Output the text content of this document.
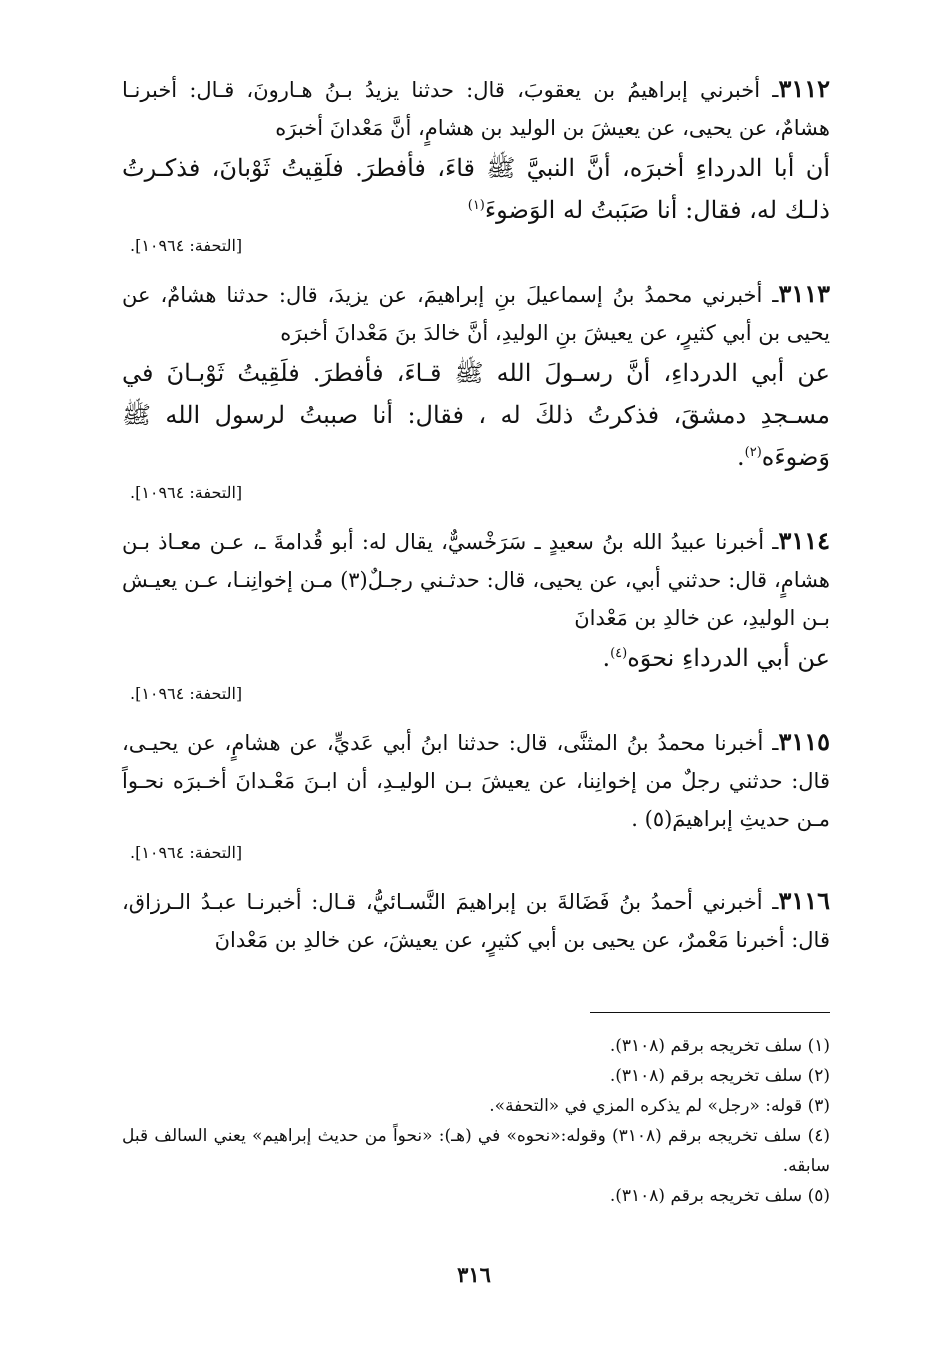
٣١١٢ـ أخبرني إبراهيمُ بن يعقوبَ، قال: حدثنا يزيدُ بـنُ هـارونَ، قـال: أخبرنـا هشامٌ، عن يحيى، عن يعيشَ بن الوليد بن هشامٍ، أنَّ مَعْدانَ أخبرَه

أن أبا الدرداءِ أخبرَه، أنَّ النبيَّ ﷺ قاءَ، فأفطرَ. فلَقِيتُ ثَوْبانَ، فذكـرتُ ذلـك له، فقال: أنا صَبَبتُ له الوَضوءَ$^{(١)}$

[التحفة: ١٠٩٦٤].

٣١١٣ـ أخبرني محمدُ بنُ إسماعيلَ بنِ إبراهيمَ، عن يزيدَ، قال: حدثنا هشامٌ، عن يحيى بن أبي كثيرٍ، عن يعيشَ بنِ الوليدِ، أنَّ خالدَ بنَ مَعْدانَ أخبرَه

عن أبي الدرداءِ، أنَّ رسـولَ الله ﷺ قـاءَ، فأفطرَ. فلَقِيتُ ثَوْبـانَ في مسـجدِ دمشقَ، فذكرتُ ذلكَ له ، فقال: أنا صببتُ لرسول الله ﷺ وَضوءَه$^{(٢)}$.

[التحفة: ١٠٩٦٤].

٣١١٤ـ أخبرنا عبيدُ الله بنُ سعيدٍ ـ سَرَخْسيٌّ، يقال له: أبو قُدامةَ ـ، عـن معـاذ بـن هشامٍ، قال: حدثني أبي، عن يحيى، قال: حدثـني رجـلٌ(٣) مـن إخوانِنـا، عـن يعيـش بـن الوليدِ، عن خالدِ بن مَعْدانَ

عن أبي الدرداءِ نحوَه$^{(٤)}$.

[التحفة: ١٠٩٦٤].

٣١١٥ـ أخبرنا محمدُ بنُ المثنَّى، قال: حدثنا ابنُ أبي عَديٍّ، عن هشامٍ، عن يحيـى، قال: حدثني رجلٌ من إخوانِنا، عن يعيشَ بـن الوليـدِ، أن ابـنَ مَعْـدانَ أخـبرَه نحـواً مـن حديثِ إبراهيمَ(٥) .

[التحفة: ١٠٩٦٤].

٣١١٦ـ أخبرني أحمدُ بنُ فَضَالةَ بن إبراهيمَ النَّسـائيُّ، قـال: أخبرنـا عبـدُ الـرزاق، قال: أخبرنا مَعْمرٌ، عن يحيى بن أبي كثيرٍ، عن يعيشَ، عن خالدِ بن مَعْدانَ

(١) سلف تخريجه برقم (٣١٠٨).

(٢) سلف تخريجه برقم (٣١٠٨).

(٣) قوله: «رجل» لم يذكره المزي في «التحفة».

(٤) سلف تخريجه برقم (٣١٠٨) وقوله:«نحوه» في (هـ): «نحواً من حديث إبراهيم» يعني السالف قبل سابقه.

(٥) سلف تخريجه برقم (٣١٠٨).

٣١٦
